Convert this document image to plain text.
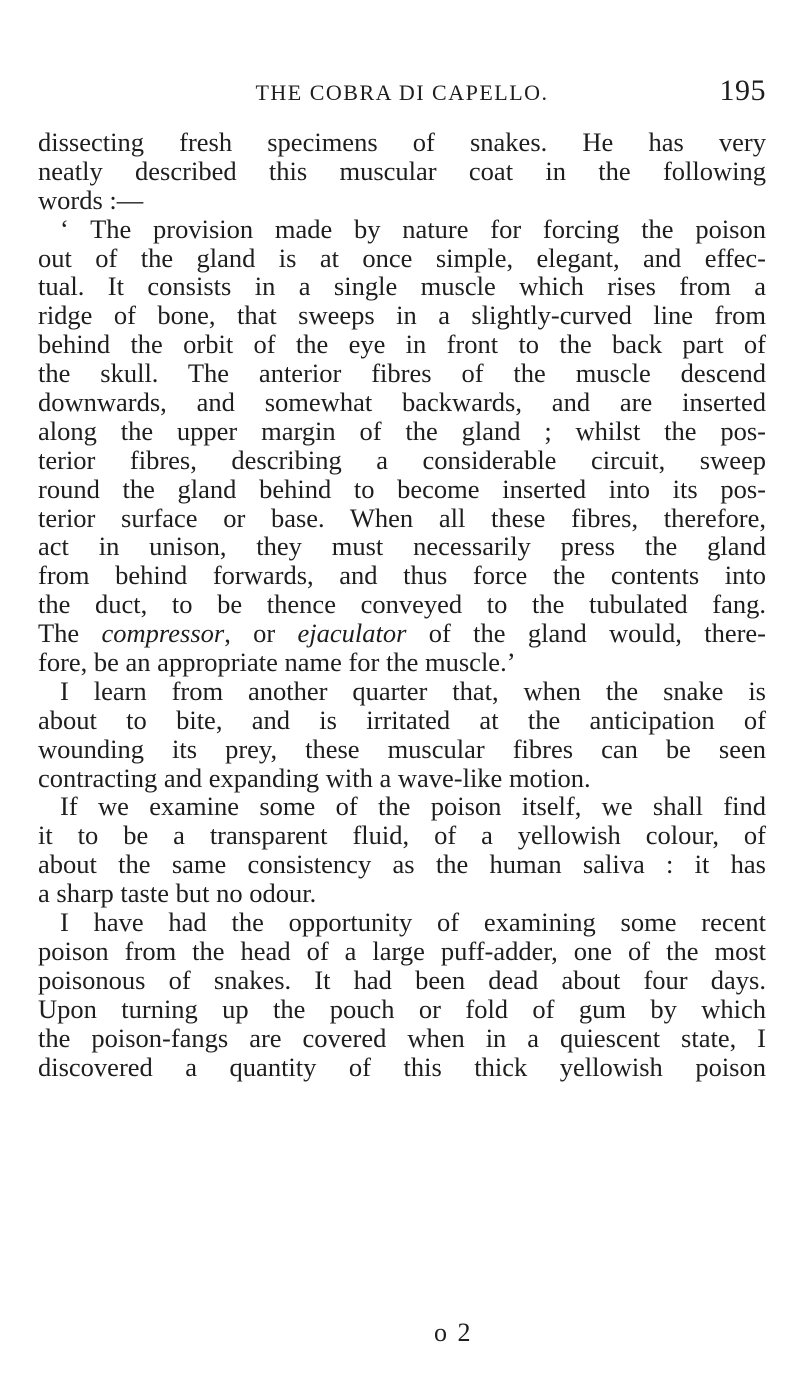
THE COBRA DI CAPELLO.	195
dissecting fresh specimens of snakes. He has very
neatly described this muscular coat in the following
words :—
‘ The provision made by nature for forcing the poison
out of the gland is at once simple, elegant, and effec-
tual. It consists in a single muscle which rises from a
ridge of bone, that sweeps in a slightly-curved line from
behind the orbit of the eye in front to the back part of
the skull. The anterior fibres of the muscle descend
downwards, and somewhat backwards, and are inserted
along the upper margin of the gland ; whilst the pos-
terior fibres, describing a considerable circuit, sweep
round the gland behind to become inserted into its pos-
terior surface or base. When all these fibres, therefore,
act in unison, they must necessarily press the gland
from behind forwards, and thus force the contents into
the duct, to be thence conveyed to the tubulated fang.
The compressor, or ejaculator of the gland would, there-
fore, be an appropriate name for the muscle.’
I learn from another quarter that, when the snake is
about to bite, and is irritated at the anticipation of
wounding its prey, these muscular fibres can be seen
contracting and expanding with a wave-like motion.
If we examine some of the poison itself, we shall find
it to be a transparent fluid, of a yellowish colour, of
about the same consistency as the human saliva : it has
a sharp taste but no odour.
I have had the opportunity of examining some recent
poison from the head of a large puff-adder, one of the most
poisonous of snakes. It had been dead about four days.
Upon turning up the pouch or fold of gum by which
the poison-fangs are covered when in a quiescent state, I
discovered a quantity of this thick yellowish poison
o 2
